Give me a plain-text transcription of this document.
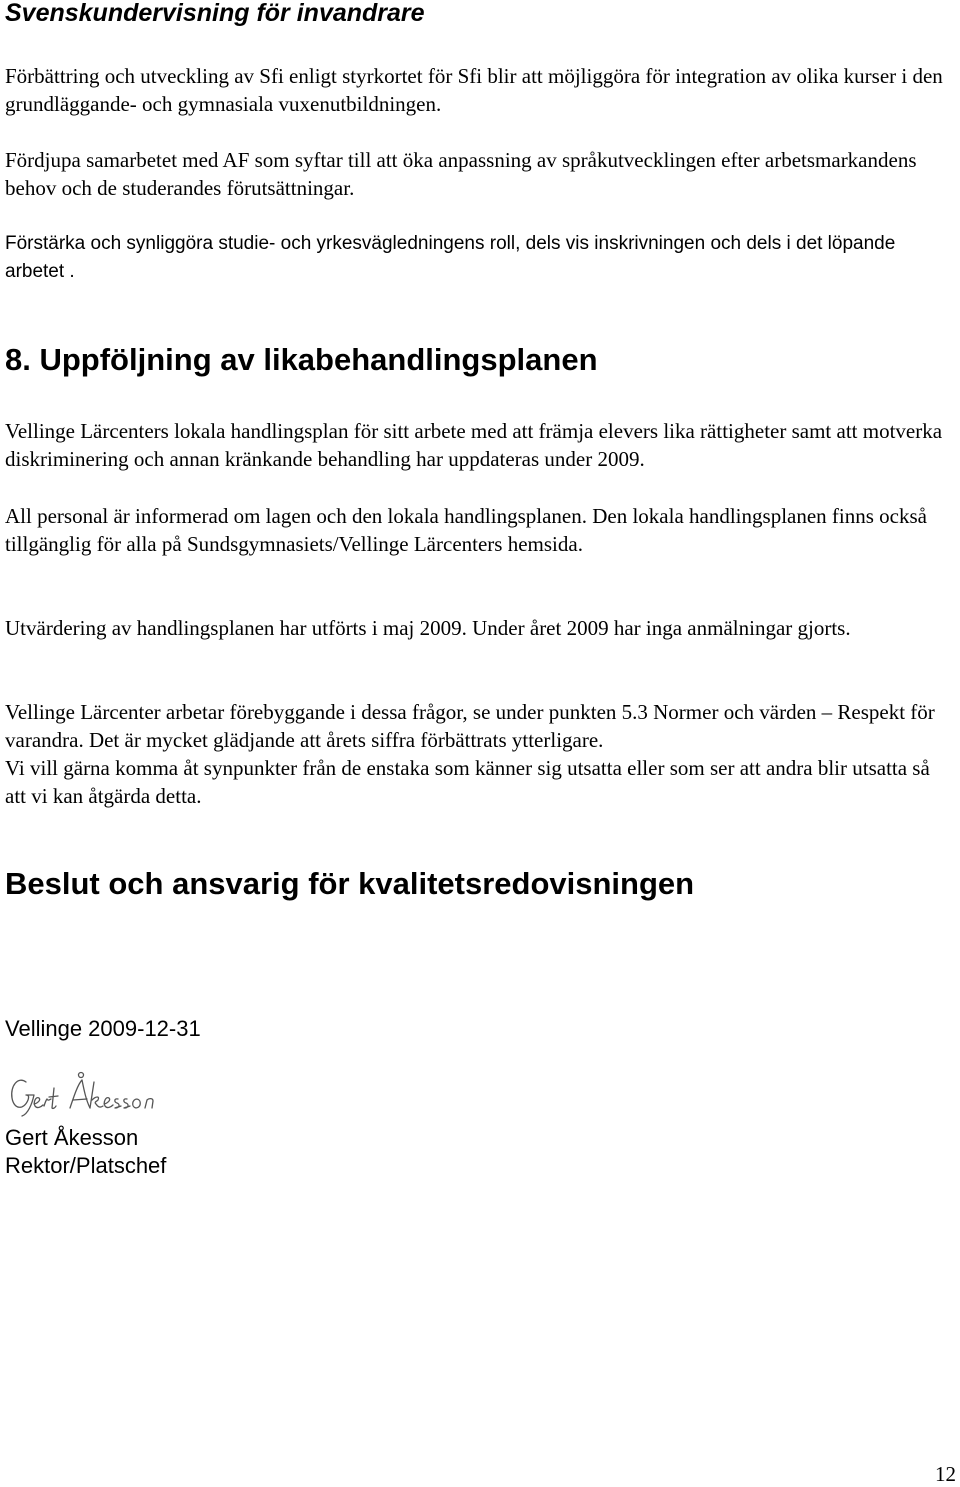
Svenskundervisning för invandrare

Förbättring och utveckling av Sfi enligt styrkortet för Sfi blir att möjliggöra för integration av olika kurser i den grundläggande- och gymnasiala vuxenutbildningen.

Fördjupa samarbetet med AF som syftar till att öka anpassning av språkutvecklingen efter arbetsmarkandens behov och de studerandes förutsättningar.

Förstärka och synliggöra studie- och yrkesvägledningens roll, dels vis inskrivningen och dels i det löpande arbetet .

8. Uppföljning av likabehandlingsplanen

Vellinge Lärcenters lokala handlingsplan för sitt arbete med att främja elevers lika rättigheter samt att motverka diskriminering och annan kränkande behandling har uppdateras under 2009.

All personal är informerad om lagen och den lokala handlingsplanen. Den lokala handlingsplanen finns också tillgänglig för alla på Sundsgymnasiets/Vellinge Lärcenters hemsida.

Utvärdering av handlingsplanen har utförts i maj 2009. Under året 2009 har inga anmälningar gjorts.

Vellinge Lärcenter arbetar förebyggande i dessa frågor, se under punkten 5.3 Normer och värden – Respekt för varandra. Det är mycket glädjande att årets siffra förbättrats ytterligare.
Vi vill gärna komma åt synpunkter från de enstaka som känner sig utsatta eller som ser att andra blir utsatta så att vi kan åtgärda detta.

Beslut och ansvarig för kvalitetsredovisningen

Vellinge 2009-12-31

Gert Åkesson

Rektor/Platschef

12
